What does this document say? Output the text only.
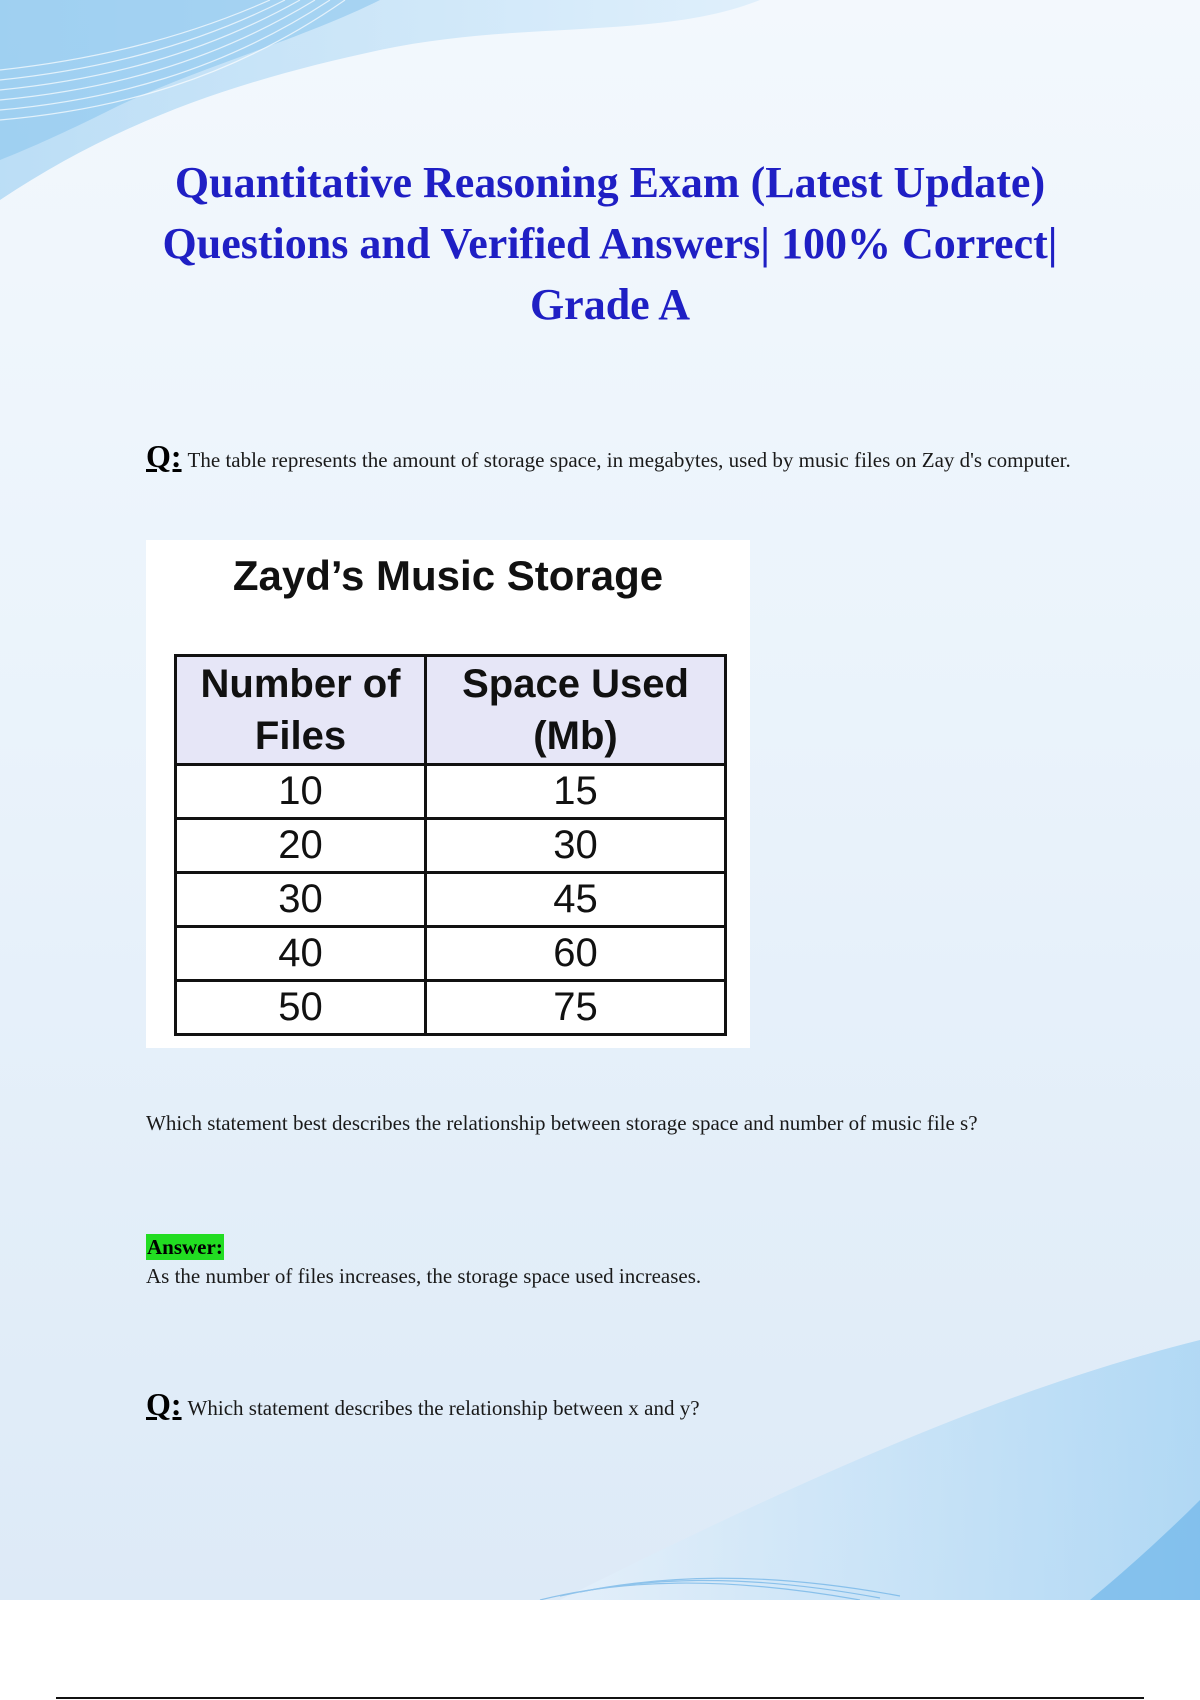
Quantitative Reasoning Exam (Latest Update) Questions and Verified Answers| 100% Correct| Grade A

Q: The table represents the amount of storage space, in megabytes, used by music files on Zay d's computer.

Zayd’s Music Storage
Number of Files	Space Used (Mb)
10	15
20	30
30	45
40	60
50	75

Which statement best describes the relationship between storage space and number of music file s?

Answer:

As the number of files increases, the storage space used increases.

Q: Which statement describes the relationship between x and y?
